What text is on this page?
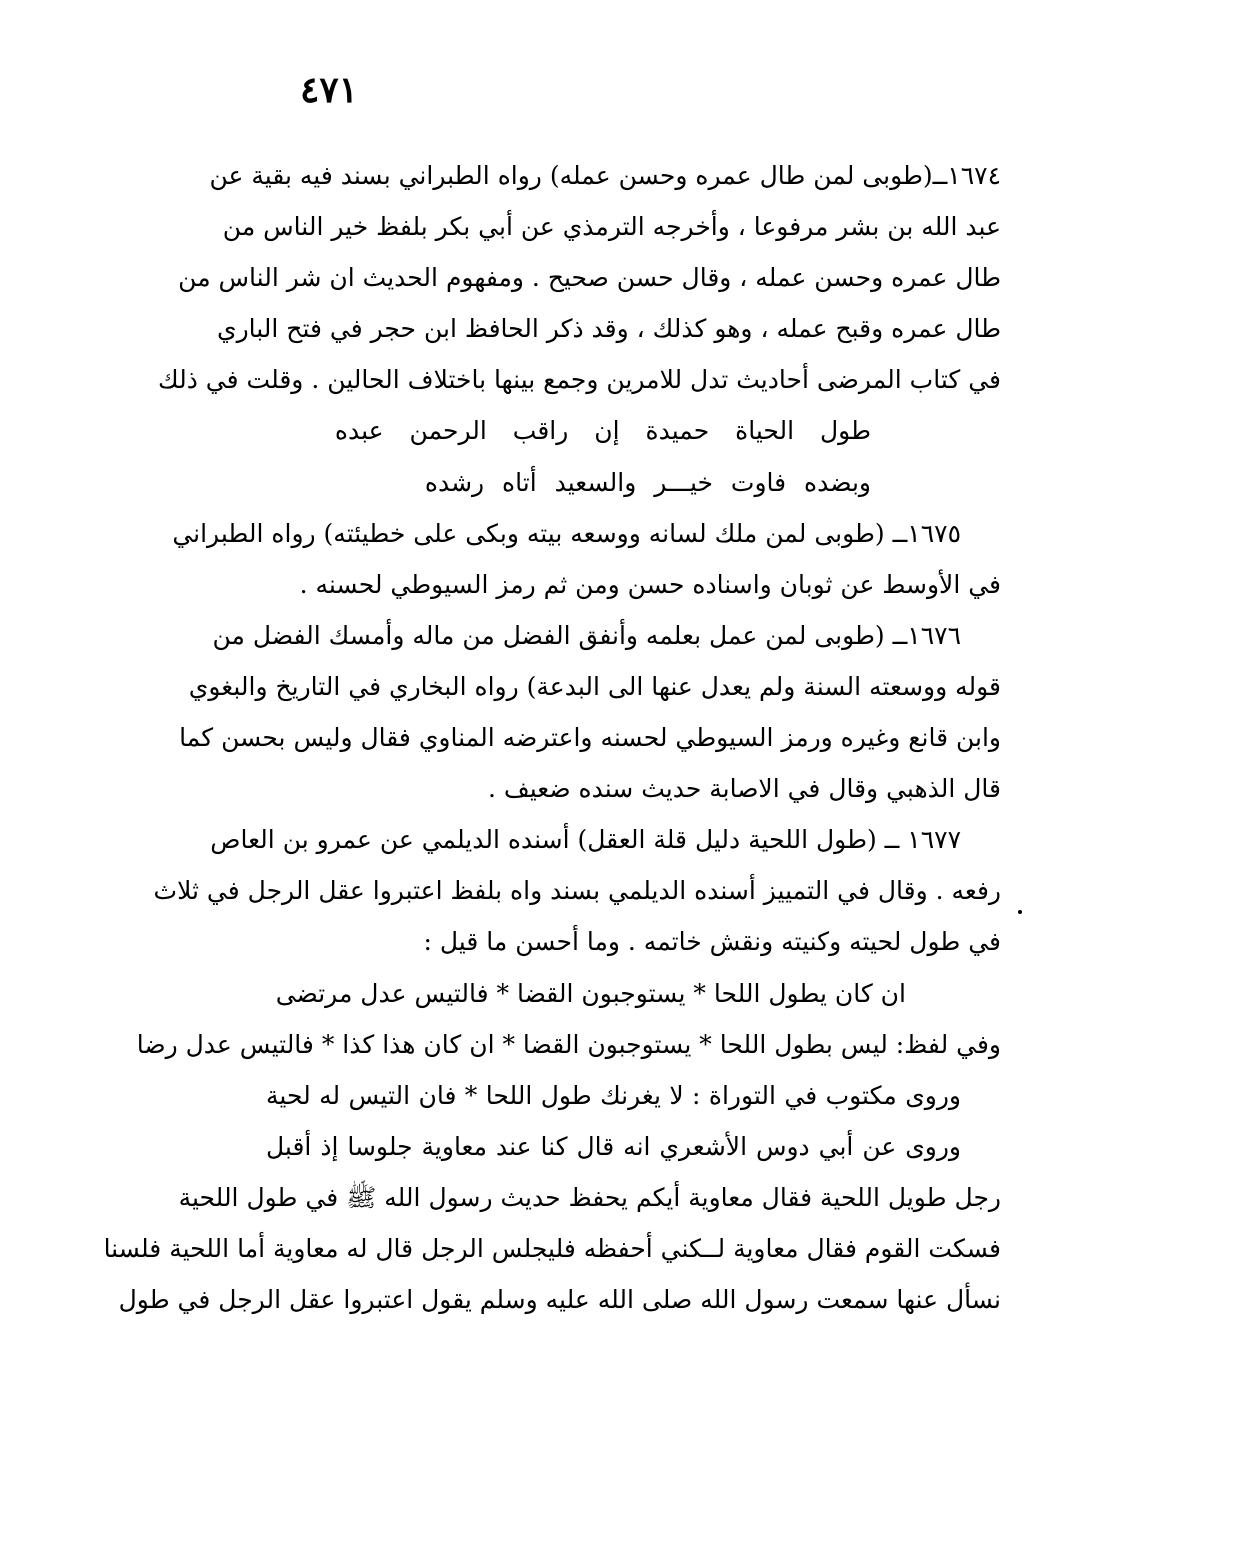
٤٧١
١٦٧٤ــ(طوبى لمن طال عمره وحسن عمله) رواه الطبراني بسند فيه بقية عن
عبد الله بن بشر مرفوعا ، وأخرجه الترمذي عن أبي بكر بلفظ خير الناس من
طال عمره وحسن عمله ، وقال حسن صحيح . ومفهوم الحديث ان شر الناس من
طال عمره وقبح عمله ، وهو كذلك ، وقد ذكر الحافظ ابن حجر في فتح الباري
في كتاب المرضى أحاديث تدل للامرين وجمع بينها باختلاف الحالين . وقلت في ذلك
طول الحياة حميدة إن راقب الرحمن عبده
وبضده فاوت خيـــر والسعيد أتاه رشده
١٦٧٥ــ (طوبى لمن ملك لسانه ووسعه بيته وبكى على خطيئته) رواه الطبراني
في الأوسط عن ثوبان واسناده حسن ومن ثم رمز السيوطي لحسنه .
١٦٧٦ــ (طوبى لمن عمل بعلمه وأنفق الفضل من ماله وأمسك الفضل من
قوله ووسعته السنة ولم يعدل عنها الى البدعة) رواه البخاري في التاريخ والبغوي
وابن قانع وغيره ورمز السيوطي لحسنه واعترضه المناوي فقال وليس بحسن كما
قال الذهبي وقال في الاصابة حديث سنده ضعيف .
١٦٧٧ ــ (طول اللحية دليل قلة العقل) أسنده الديلمي عن عمرو بن العاص
رفعه . وقال في التمييز أسنده الديلمي بسند واه بلفظ اعتبروا عقل الرجل في ثلاث
في طول لحيته وكنيته ونقش خاتمه . وما أحسن ما قيل :
ان كان يطول اللحا * يستوجبون القضا * فالتيس عدل مرتضى
وفي لفظ: ليس بطول اللحا * يستوجبون القضا * ان كان هذا كذا * فالتيس عدل رضا
وروى مكتوب في التوراة : لا يغرنك طول اللحا * فان التيس له لحية
وروى عن أبي دوس الأشعري انه قال كنا عند معاوية جلوسا إذ أقبل
رجل طويل اللحية فقال معاوية أيكم يحفظ حديث رسول الله ﷺ في طول اللحية
فسكت القوم فقال معاوية لــكني أحفظه فليجلس الرجل قال له معاوية أما اللحية فلسنا
نسأل عنها سمعت رسول الله صلى الله عليه وسلم يقول اعتبروا عقل الرجل في طول
